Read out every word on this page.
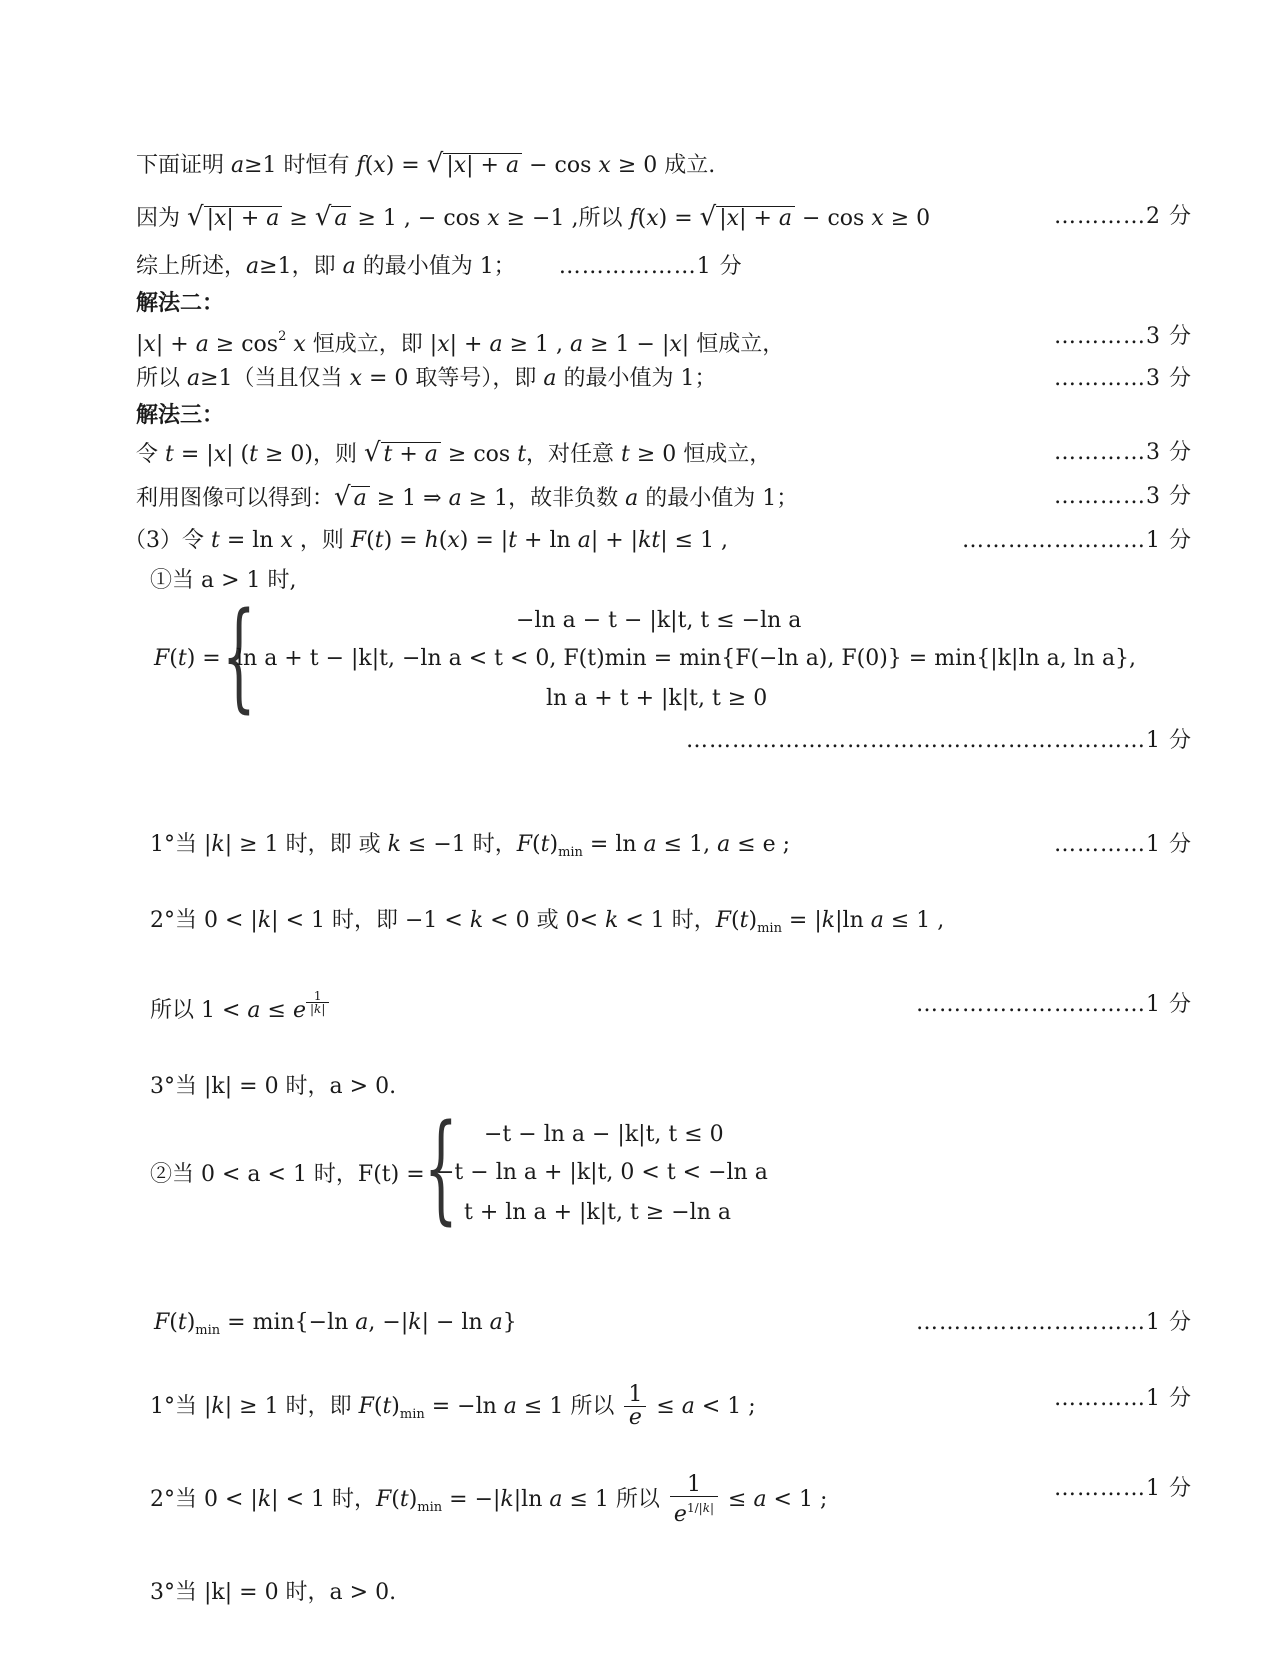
下面证明 a≥1 时恒有 f(x) = √ |x| + a − cos x ≥ 0 成立.
因为 √ |x| + a ≥ √ a ≥ 1 , − cos x ≥ −1 ,所以 f(x) = √ |x| + a − cos x ≥ 0	…………2 分
综上所述，a≥1，即 a 的最小值为 1； ………………1 分
解法二：
$|x| + a \ge \cos^2 x$ 恒成立，即 |x| + a ≥ 1 , a ≥ 1 − |x| 恒成立，	…………3 分
所以 a≥1（当且仅当 x = 0 取等号），即 a 的最小值为 1；	…………3 分
解法三：
令 t = |x| (t ≥ 0)，则 √ t + a ≥ cos t，对任意 t ≥ 0 恒成立，	…………3 分
利用图像可以得到：√ a ≥ 1 ⇒ a ≥ 1，故非负数 a 的最小值为 1；	…………3 分
（3）令 t = ln x ，则 F(t) = h(x) = |t + ln a| + |kt| ≤ 1 ,	……………………1 分
①当 a > 1 时,
F(t) = {	−ln a − t − |k|t, t ≤ −ln a
ln a + t − |k|t, −ln a < t < 0, F(t)min = min{F(−ln a), F(0)} = min{|k|ln a, ln a},
ln a + t + |k|t, t ≥ 0
……………………………………………………1 分
1°当 |k| ≥ 1 时，即 或 k ≤ −1 时，$F(t)_{min} = \ln a \le 1$, a ≤ e ;	…………1 分
2°当 0 < |k| < 1 时，即 −1 < k < 0 或 0< k < 1 时，$F(t)_{min} = |k|\ln$ a ≤ 1 ,
所以 1 < a ≤ e $^{\frac{1}{|k|}}$	…………………………1 分
3°当 |k| = 0 时，a > 0.
②当 0 < a < 1 时，F(t) = { −t − ln a − |k|t, t ≤ 0
−t − ln a + |k|t, 0 < t < −ln a
t + ln a + |k|t, t ≥ −ln a
$F(t)_{min} = \min\{-\ln$ a, −|k| − ln a}	…………………………1 分
1°当 |k| ≥ 1 时，即 $F(t)_{min} = -\ln$ a ≤ 1 所以 $\frac{1}{e} \le a < 1$ ;	…………1 分
2°当 0 < |k| < 1 时，$F(t)_{min} = -|k|\ln$ a ≤ 1 所以 $\frac{1}{e^{1/|k|}} \le a < 1$ ;	…………1 分
3°当 |k| = 0 时，a > 0.
